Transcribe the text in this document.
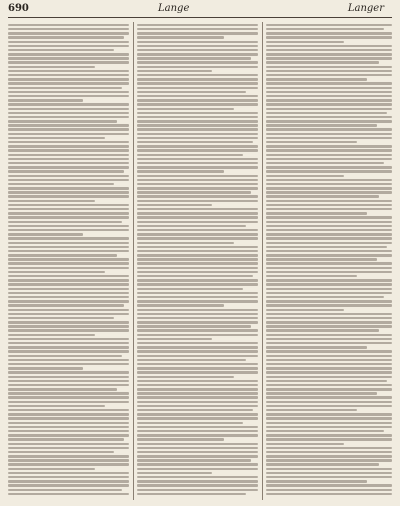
690	Lange	Langer
